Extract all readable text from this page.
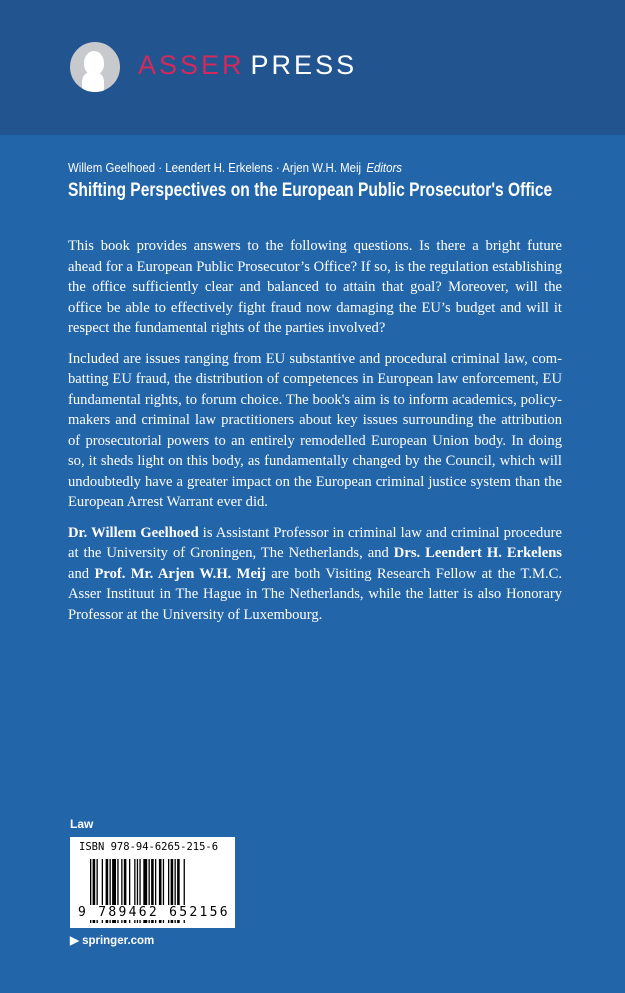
ASSER PRESS
Willem Geelhoed · Leendert H. Erkelens · Arjen W.H. Meij Editors
Shifting Perspectives on the European Public Prosecutor's Office

This book provides answers to the following questions. Is there a bright future ahead for a European Public Prosecutor’s Office? If so, is the regulation establishing the office sufficiently clear and balanced to attain that goal? Moreover, will the office be able to effectively fight fraud now damaging the EU’s budget and will it respect the fundamental rights of the parties involved?

Included are issues ranging from EU substantive and procedural criminal law, combatting EU fraud, the distribution of competences in European law enforcement, EU fundamental rights, to forum choice. The book's aim is to inform academics, policy-makers and criminal law practitioners about key issues surrounding the attribution of prosecutorial powers to an entirely remodelled European Union body. In doing so, it sheds light on this body, as fundamentally changed by the Council, which will undoubtedly have a greater impact on the European criminal justice system than the European Arrest Warrant ever did.

Dr. Willem Geelhoed is Assistant Professor in criminal law and criminal procedure at the University of Groningen, The Netherlands, and Drs. Leendert H. Erkelens and Prof. Mr. Arjen W.H. Meij are both Visiting Research Fellow at the T.M.C. Asser Instituut in The Hague in The Netherlands, while the latter is also Honorary Professor at the University of Luxembourg.

Law
ISBN 978-94-6265-215-6
9 789462 652156
▶ springer.com
